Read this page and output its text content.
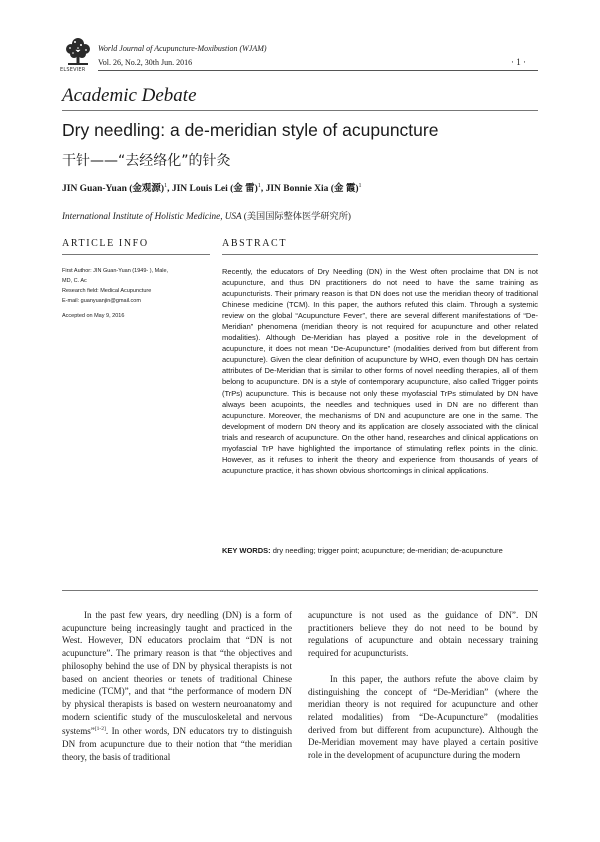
ELSEVIER
World Journal of Acupuncture-Moxibustion (WJAM)
Vol. 26, No.2, 30th Jun. 2016	· 1 ·
Academic Debate
Dry needling: a de-meridian style of acupuncture
干针——“去经络化”的针灸
JIN Guan-Yuan (金观源)$^1$, JIN Louis Lei (金 雷)$^1$, JIN Bonnie Xia (金 霞)$^1$
International Institute of Holistic Medicine, USA (美国国际整体医学研究所)
ARTICLE INFO	ABSTRACT
First Author: JIN Guan-Yuan (1949- ), Male,
MD, C. Ac
Research field: Medical Acupuncture
E-mail: guanyuanjin@gmail.com
Accepted on May 9, 2016
Recently, the educators of Dry Needling (DN) in the West often proclaime that DN is not acupuncture, and thus DN practitioners do not need to have the same training as acupuncturists. Their primary reason is that DN does not use the meridian theory of traditional Chinese medicine (TCM). In this paper, the authors refuted this claim. Through a systemic review on the global “Acupuncture Fever”, there are several different manifestations of “De-Meridian” phenomena (meridian theory is not required for acupuncture and other related modalities). Although De-Meridian has played a positive role in the development of acupuncture, it does not mean “De-Acupuncture” (modalities derived from but different from acupuncture). Given the clear definition of acupuncture by WHO, even though DN has certain attributes of De-Meridian that is similar to other forms of novel needling therapies, all of them belong to acupuncture. DN is a style of contemporary acupuncture, also called Trigger points (TrPs) acupuncture. This is because not only these myofascial TrPs stimulated by DN have always been acupoints, the needles and techniques used in DN are no different than acupuncture. Moreover, the mechanisms of DN and acupuncture are one in the same. The development of modern DN theory and its application are closely associated with the clinical trials and research of acupuncture. On the other hand, researches and clinical applications on myofascial TrP have highlighted the importance of stimulating reflex points in the clinic. However, as it refuses to inherit the theory and experience from thousands of years of acupuncture practice, it has shown obvious shortcomings in clinical applications.
KEY WORDS: dry needling; trigger point; acupuncture; de-meridian; de-acupuncture

In the past few years, dry needling (DN) is a form of acupuncture being increasingly taught and practiced in the West. However, DN educators proclaim that “DN is not acupuncture”. The primary reason is that “the objectives and philosophy behind the use of DN by physical therapists is not based on ancient theories or tenets of traditional Chinese medicine (TCM)”, and that “the performance of modern DN by physical therapists is based on western neuroanatomy and modern scientific study of the musculoskeletal and nervous systems”[1-2]. In other words, DN educators try to distinguish DN from acupuncture due to their notion that “the meridian theory, the basis of traditional

acupuncture is not used as the guidance of DN”. DN practitioners believe they do not need to be bound by regulations of acupuncture and obtain necessary training required for acupuncturists.

In this paper, the authors refute the above claim by distinguishing the concept of “De-Meridian” (where the meridian theory is not required for acupuncture and other related modalities) from “De-Acupuncture” (modalities derived from but different from acupuncture). Although the De-Meridian movement may have played a certain positive role in the development of acupuncture during the modern
